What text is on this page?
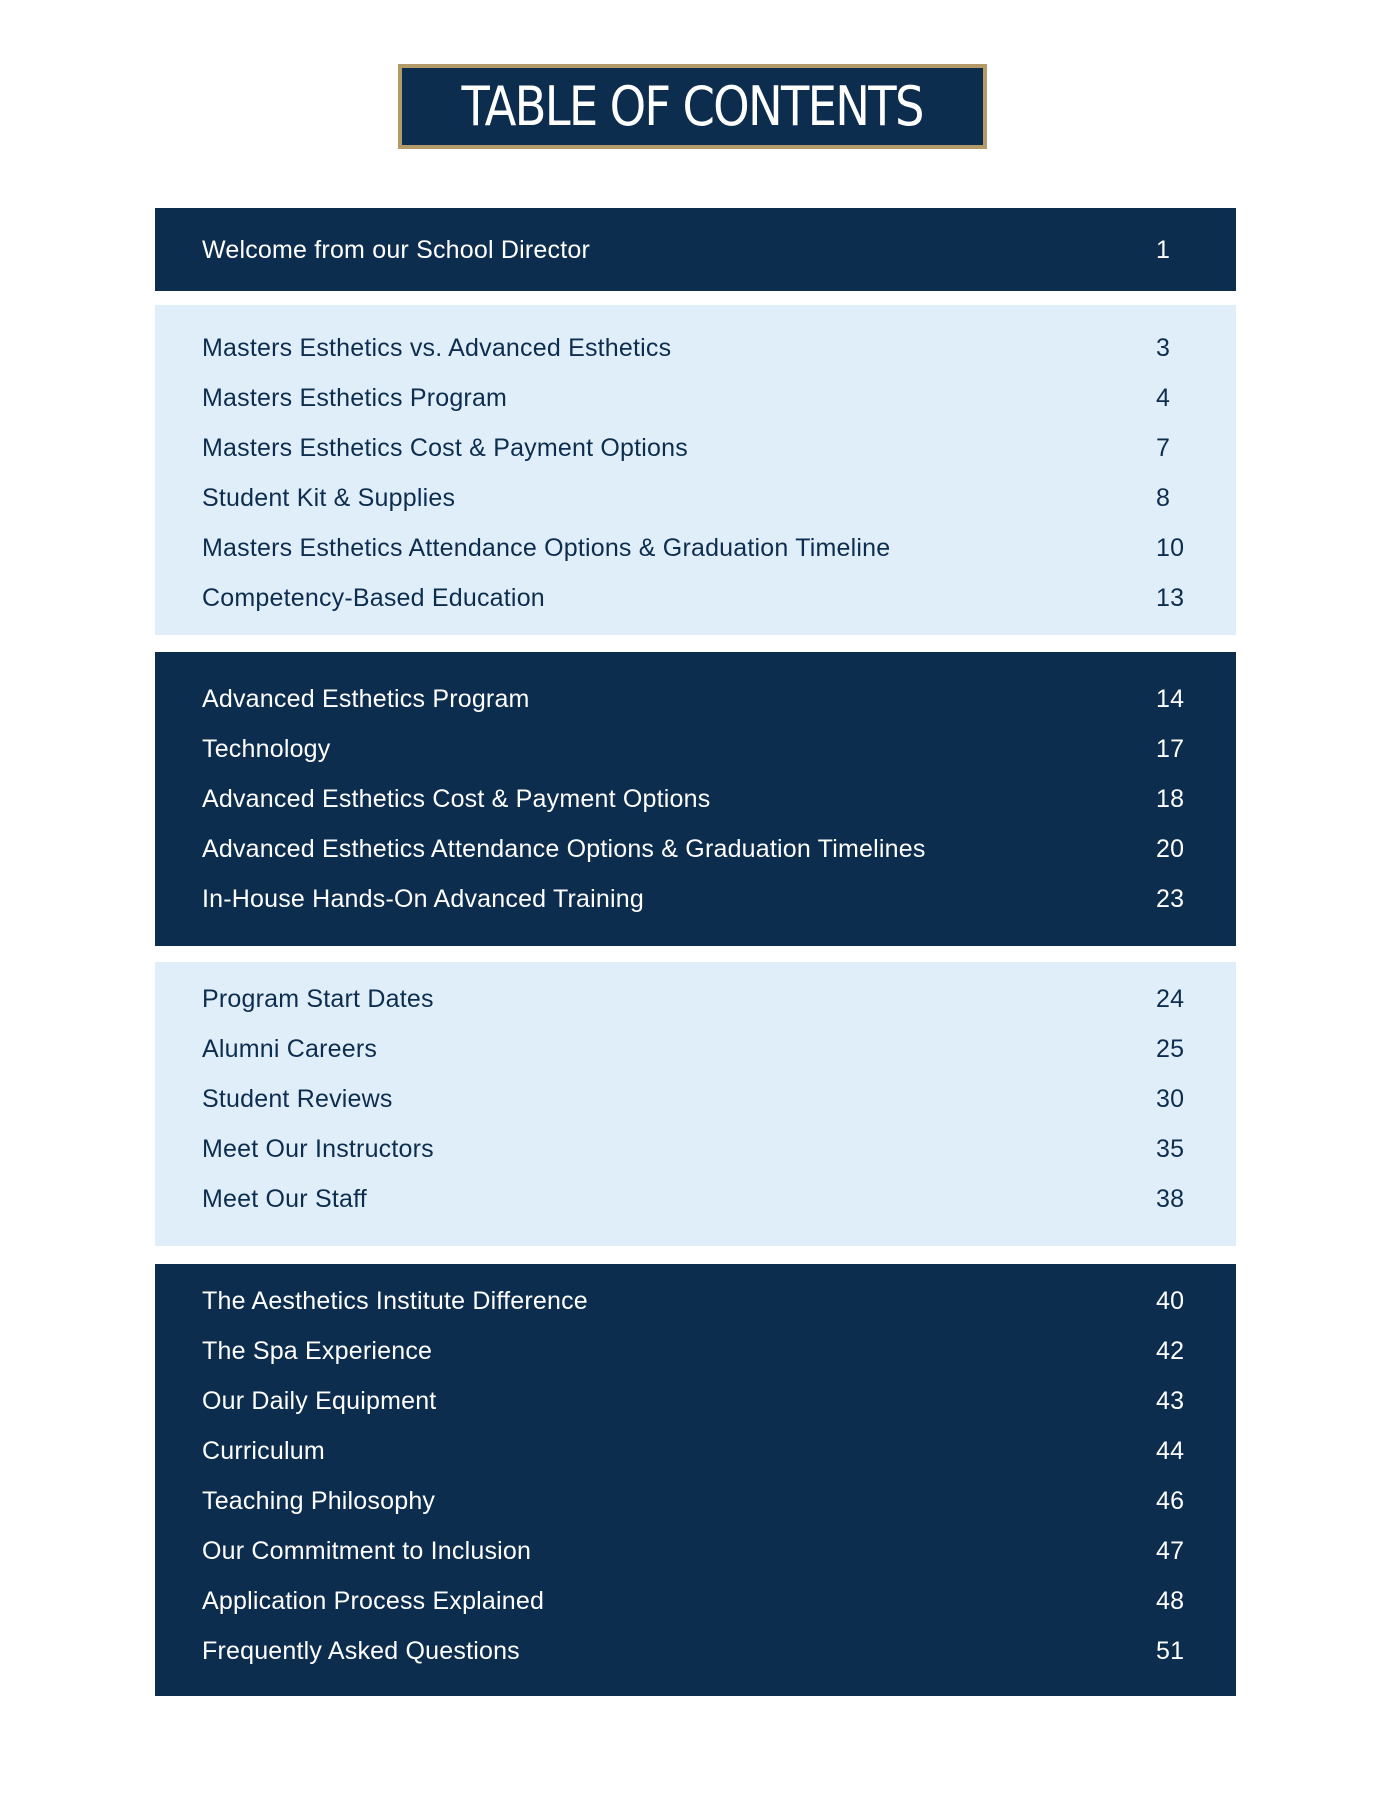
TABLE OF CONTENTS
Welcome from our School Director	1
Masters Esthetics vs. Advanced Esthetics	3
Masters Esthetics Program	4
Masters Esthetics Cost & Payment Options	7
Student Kit & Supplies	8
Masters Esthetics Attendance Options & Graduation Timeline	10
Competency-Based Education	13
Advanced Esthetics Program	14
Technology	17
Advanced Esthetics Cost & Payment Options	18
Advanced Esthetics Attendance Options & Graduation Timelines	20
In-House Hands-On Advanced Training	23
Program Start Dates	24
Alumni Careers	25
Student Reviews	30
Meet Our Instructors	35
Meet Our Staff	38
The Aesthetics Institute Difference	40
The Spa Experience	42
Our Daily Equipment	43
Curriculum	44
Teaching Philosophy	46
Our Commitment to Inclusion	47
Application Process Explained	48
Frequently Asked Questions	51
